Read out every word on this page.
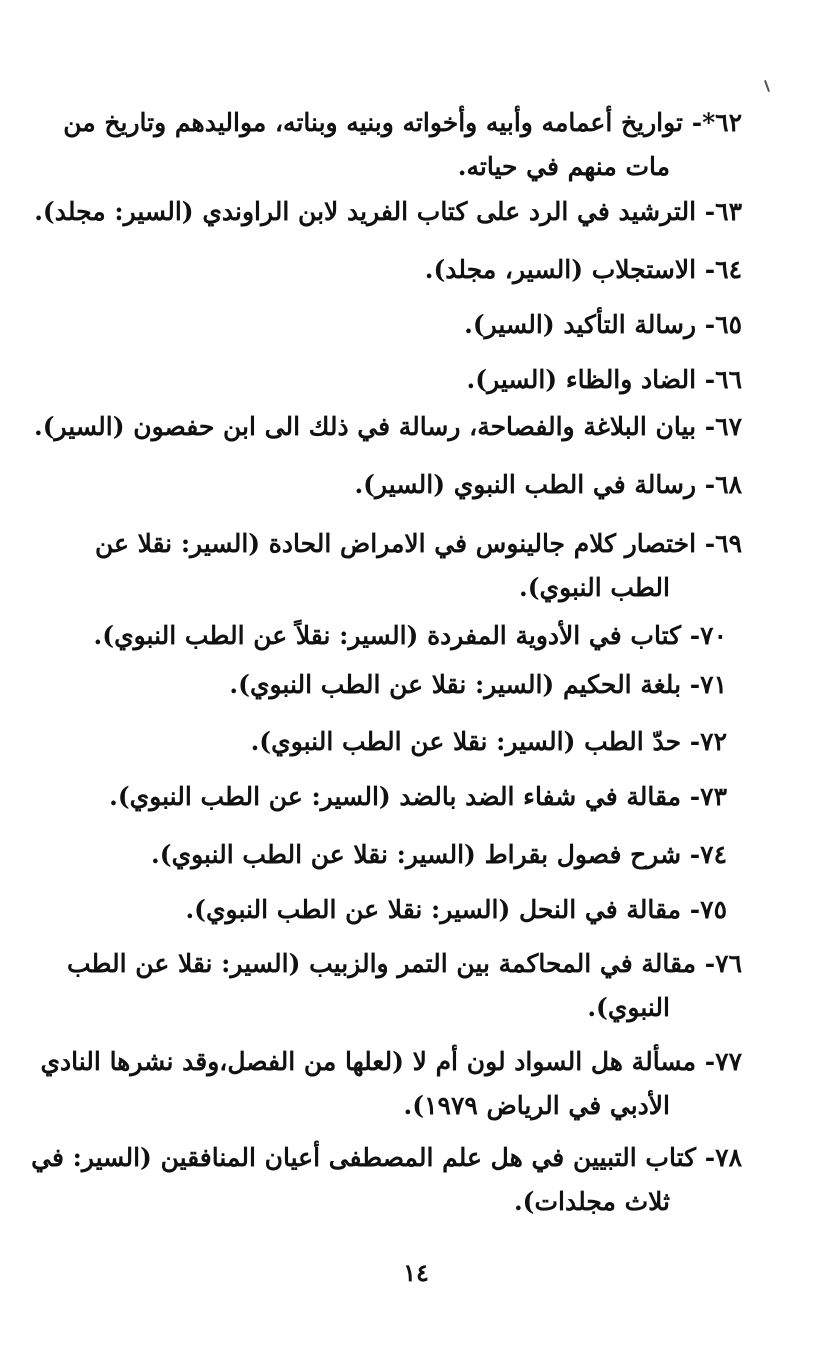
٦٢*- تواريخ أعمامه وأبيه وأخواته وبنيه وبناته، مواليدهم وتاريخ من
مات منهم في حياته.
٦٣- الترشيد في الرد على كتاب الفريد لابن الراوندي (السير: مجلد).
٦٤- الاستجلاب (السير، مجلد).
٦٥- رسالة التأكيد (السير).
٦٦- الضاد والظاء (السير).
٦٧- بيان البلاغة والفصاحة، رسالة في ذلك الى ابن حفصون (السير).
٦٨- رسالة في الطب النبوي (السير).
٦٩- اختصار كلام جالينوس في الامراض الحادة (السير: نقلا عن
الطب النبوي).
٧٠- كتاب في الأدوية المفردة (السير: نقلاً عن الطب النبوي).
٧١- بلغة الحكيم (السير: نقلا عن الطب النبوي).
٧٢- حدّ الطب (السير: نقلا عن الطب النبوي).
٧٣- مقالة في شفاء الضد بالضد (السير: عن الطب النبوي).
٧٤- شرح فصول بقراط (السير: نقلا عن الطب النبوي).
٧٥- مقالة في النحل (السير: نقلا عن الطب النبوي).
٧٦- مقالة في المحاكمة بين التمر والزبيب (السير: نقلا عن الطب
النبوي).
٧٧- مسألة هل السواد لون أم لا (لعلها من الفصل،وقد نشرها النادي
الأدبي في الرياض ١٩٧٩).
٧٨- كتاب التبيين في هل علم المصطفى أعيان المنافقين (السير: في
ثلاث مجلدات).
١٤
